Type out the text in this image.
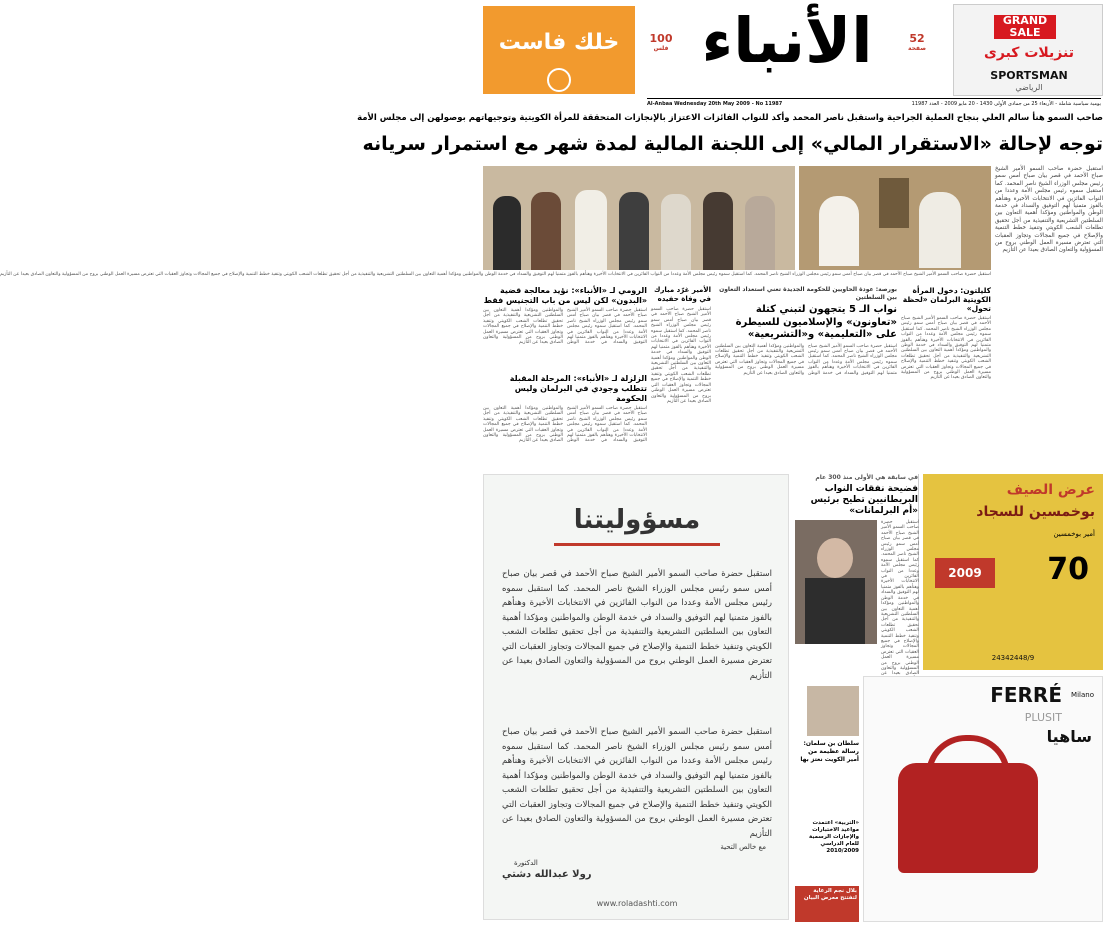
خلك فاست	100
فلس الأنباء	52
صفحة
GRAND
SALE
تنزيلات كبرى
SPORTSMAN
الرياضي
يومية سياسية شاملة - الأربعاء 25 من جمادى الأولى 1430 - 20 مايو 2009 - العدد 11987
Al-Anbaa Wednesday 20th May 2009 - No 11987
صاحب السمو هنأ سالم العلي بنجاح العملية الجراحية واستقبل ناصر المحمد وأكد للنواب الفائزات الاعتزاز بالإنجازات المتحققة للمرأة الكويتية وتوجيهاتهم بوصولهن إلى مجلس الأمة
توجه لإحالة «الاستقرار المالي» إلى اللجنة المالية لمدة شهر مع استمرار سريانه
استقبل حضرة صاحب السمو الأمير الشيخ صباح الأحمد في قصر بيان صباح أمس سمو رئيس مجلس الوزراء الشيخ ناصر المحمد. كما استقبل سموه رئيس مجلس الأمة وعددا من النواب الفائزين في الانتخابات الأخيرة وهنأهم بالفوز متمنيا لهم التوفيق والسداد في خدمة الوطن والمواطنين ومؤكدا أهمية التعاون بين السلطتين التشريعية والتنفيذية من أجل تحقيق تطلعات الشعب الكويتي وتنفيذ خطط التنمية والإصلاح في جميع المجالات وتجاوز العقبات التي تعترض مسيرة العمل الوطني بروح من المسؤولية والتعاون الصادق بعيدا عن التأزيم
استقبل حضرة صاحب السمو الأمير الشيخ صباح الأحمد في قصر بيان صباح أمس سمو رئيس مجلس الوزراء الشيخ ناصر المحمد. كما استقبل سموه رئيس مجلس الأمة وعددا من النواب الفائزين في الانتخابات الأخيرة وهنأهم بالفوز متمنيا لهم التوفيق والسداد في خدمة الوطن والمواطنين ومؤكدا أهمية التعاون بين السلطتين التشريعية والتنفيذية من أجل تحقيق تطلعات الشعب الكويتي وتنفيذ خطط التنمية والإصلاح في جميع المجالات وتجاوز العقبات التي تعترض مسيرة العمل الوطني بروح من المسؤولية والتعاون الصادق بعيدا عن التأزيم
كليلتون: دخول المرأة الكويتية البرلمان «لحظة تحول»
استقبل حضرة صاحب السمو الأمير الشيخ صباح الأحمد في قصر بيان صباح أمس سمو رئيس مجلس الوزراء الشيخ ناصر المحمد. كما استقبل سموه رئيس مجلس الأمة وعددا من النواب الفائزين في الانتخابات الأخيرة وهنأهم بالفوز متمنيا لهم التوفيق والسداد في خدمة الوطن والمواطنين ومؤكدا أهمية التعاون بين السلطتين التشريعية والتنفيذية من أجل تحقيق تطلعات الشعب الكويتي وتنفيذ خطط التنمية والإصلاح في جميع المجالات وتجاوز العقبات التي تعترض مسيرة العمل الوطني بروح من المسؤولية والتعاون الصادق بعيدا عن التأزيم
بورصة: عودة الحاويين للحكومة الجديدة تعني استعداد التعاون بين السلطتين
نواب الـ 5 يتجهون لتبني كتلة «تعاونون» والإسلاميون للسيطرة على «التعليمية» و«التشريعية»
استقبل حضرة صاحب السمو الأمير الشيخ صباح الأحمد في قصر بيان صباح أمس سمو رئيس مجلس الوزراء الشيخ ناصر المحمد. كما استقبل سموه رئيس مجلس الأمة وعددا من النواب الفائزين في الانتخابات الأخيرة وهنأهم بالفوز متمنيا لهم التوفيق والسداد في خدمة الوطن والمواطنين ومؤكدا أهمية التعاون بين السلطتين التشريعية والتنفيذية من أجل تحقيق تطلعات الشعب الكويتي وتنفيذ خطط التنمية والإصلاح في جميع المجالات وتجاوز العقبات التي تعترض مسيرة العمل الوطني بروح من المسؤولية والتعاون الصادق بعيدا عن التأزيم
الأمير غرّد مبارك في وفاة حفيده
استقبل حضرة صاحب السمو الأمير الشيخ صباح الأحمد في قصر بيان صباح أمس سمو رئيس مجلس الوزراء الشيخ ناصر المحمد. كما استقبل سموه رئيس مجلس الأمة وعددا من النواب الفائزين في الانتخابات الأخيرة وهنأهم بالفوز متمنيا لهم التوفيق والسداد في خدمة الوطن والمواطنين ومؤكدا أهمية التعاون بين السلطتين التشريعية والتنفيذية من أجل تحقيق تطلعات الشعب الكويتي وتنفيذ خطط التنمية والإصلاح في جميع المجالات وتجاوز العقبات التي تعترض مسيرة العمل الوطني بروح من المسؤولية والتعاون الصادق بعيدا عن التأزيم
الرومي لـ «الأنباء»: نؤيد معالجة قضية «البدون» لكن ليس من باب التجنيس فقط
استقبل حضرة صاحب السمو الأمير الشيخ صباح الأحمد في قصر بيان صباح أمس سمو رئيس مجلس الوزراء الشيخ ناصر المحمد. كما استقبل سموه رئيس مجلس الأمة وعددا من النواب الفائزين في الانتخابات الأخيرة وهنأهم بالفوز متمنيا لهم التوفيق والسداد في خدمة الوطن والمواطنين ومؤكدا أهمية التعاون بين السلطتين التشريعية والتنفيذية من أجل تحقيق تطلعات الشعب الكويتي وتنفيذ خطط التنمية والإصلاح في جميع المجالات وتجاوز العقبات التي تعترض مسيرة العمل الوطني بروح من المسؤولية والتعاون الصادق بعيدا عن التأزيم
الزلزلة لـ «الأنباء»: المرحلة المقبلة تتطلب وجودي في البرلمان وليس الحكومة
استقبل حضرة صاحب السمو الأمير الشيخ صباح الأحمد في قصر بيان صباح أمس سمو رئيس مجلس الوزراء الشيخ ناصر المحمد. كما استقبل سموه رئيس مجلس الأمة وعددا من النواب الفائزين في الانتخابات الأخيرة وهنأهم بالفوز متمنيا لهم التوفيق والسداد في خدمة الوطن والمواطنين ومؤكدا أهمية التعاون بين السلطتين التشريعية والتنفيذية من أجل تحقيق تطلعات الشعب الكويتي وتنفيذ خطط التنمية والإصلاح في جميع المجالات وتجاوز العقبات التي تعترض مسيرة العمل الوطني بروح من المسؤولية والتعاون الصادق بعيدا عن التأزيم
مسؤوليتنا
استقبل حضرة صاحب السمو الأمير الشيخ صباح الأحمد في قصر بيان صباح أمس سمو رئيس مجلس الوزراء الشيخ ناصر المحمد. كما استقبل سموه رئيس مجلس الأمة وعددا من النواب الفائزين في الانتخابات الأخيرة وهنأهم بالفوز متمنيا لهم التوفيق والسداد في خدمة الوطن والمواطنين ومؤكدا أهمية التعاون بين السلطتين التشريعية والتنفيذية من أجل تحقيق تطلعات الشعب الكويتي وتنفيذ خطط التنمية والإصلاح في جميع المجالات وتجاوز العقبات التي تعترض مسيرة العمل الوطني بروح من المسؤولية والتعاون الصادق بعيدا عن التأزيم
استقبل حضرة صاحب السمو الأمير الشيخ صباح الأحمد في قصر بيان صباح أمس سمو رئيس مجلس الوزراء الشيخ ناصر المحمد. كما استقبل سموه رئيس مجلس الأمة وعددا من النواب الفائزين في الانتخابات الأخيرة وهنأهم بالفوز متمنيا لهم التوفيق والسداد في خدمة الوطن والمواطنين ومؤكدا أهمية التعاون بين السلطتين التشريعية والتنفيذية من أجل تحقيق تطلعات الشعب الكويتي وتنفيذ خطط التنمية والإصلاح في جميع المجالات وتجاوز العقبات التي تعترض مسيرة العمل الوطني بروح من المسؤولية والتعاون الصادق بعيدا عن التأزيم
مع خالص التحية
الدكتورة
رولا عبدالله دشتي
www.roladashti.com
في سابقة هي الأولى منذ 300 عام
فضيحة نفقات النواب البريطانيين تطيح برئيس «أم البرلمانات»
استقبل حضرة صاحب السمو الأمير الشيخ صباح الأحمد في قصر بيان صباح أمس سمو رئيس مجلس الوزراء الشيخ ناصر المحمد. كما استقبل سموه رئيس مجلس الأمة وعددا من النواب الفائزين في الانتخابات الأخيرة وهنأهم بالفوز متمنيا لهم التوفيق والسداد في خدمة الوطن والمواطنين ومؤكدا أهمية التعاون بين السلطتين التشريعية والتنفيذية من أجل تحقيق تطلعات الشعب الكويتي وتنفيذ خطط التنمية والإصلاح في جميع المجالات وتجاوز العقبات التي تعترض مسيرة العمل الوطني بروح من المسؤولية والتعاون الصادق بعيدا عن
عرض الصيف
بوخمسين للسجاد
أمير بوخمسين
70
2009
24342448/9
سلطان بن سلمان: رسالة عظيمة من أمير الكويت نعتز بها
«التربية» اعتمدت مواعيد الاختبارات والإجازات الرسمية للعام الدراسي 2010/2009
بلال نجم الرعاية لتفتتح معرض البيان
FERRÉ Milano
PLUSIT
ساهيا
